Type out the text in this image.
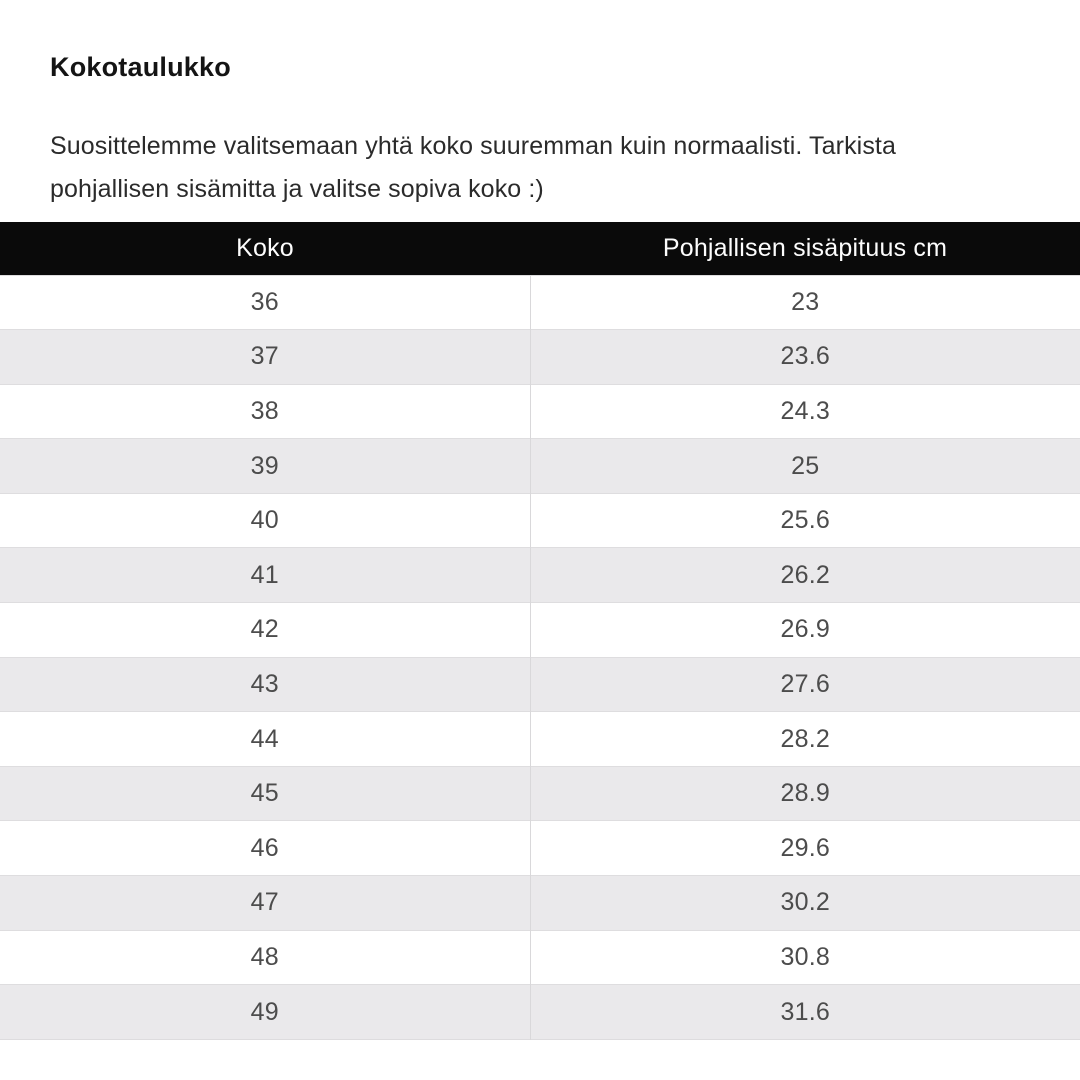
Kokotaulukko

Suosittelemme valitsemaan yhtä koko suuremman kuin normaalisti. Tarkista
pohjallisen sisämitta ja valitse sopiva koko :)

Koko	Pohjallisen sisäpituus cm
36	23
37	23.6
38	24.3
39	25
40	25.6
41	26.2
42	26.9
43	27.6
44	28.2
45	28.9
46	29.6
47	30.2
48	30.8
49	31.6
